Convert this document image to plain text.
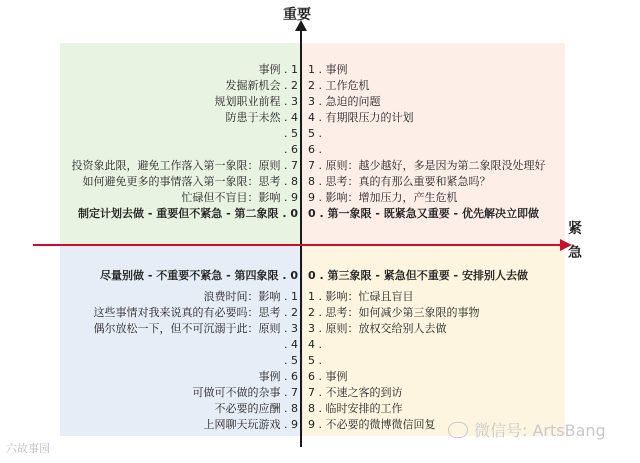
重要
紧急
事例 . 1
发掘新机会 . 2
规划职业前程 . 3
防患于未然 . 4
. 5
. 6
投资象此限，避免工作落入第一象限：原则 . 7
如何避免更多的事情落入第一象限：思考 . 8
忙碌但不盲目：影响 . 9
制定计划去做 - 重要但不紧急 - 第二象限 . 0
1 . 事例
2 . 工作危机
3 . 急迫的问题
4 . 有期限压力的计划
5 .
6 .
7 . 原则：越少越好，多是因为第二象限没处理好
8 . 思考：真的有那么重要和紧急吗？
9 . 影响：增加压力，产生危机
0 . 第一象限 - 既紧急又重要 - 优先解决立即做
尽量别做 - 不重要不紧急 - 第四象限 . 0
浪费时间：影响 . 1
这些事情对我来说真的有必要吗：思考 . 2
偶尔放松一下，但不可沉溺于此：原则 . 3
. 4
. 5
事例 . 6
可做可不做的杂事 . 7
不必要的应酬 . 8
上网聊天玩游戏 . 9
0 . 第三象限 - 紧急但不重要 - 安排别人去做
1 . 影响：忙碌且盲目
2 . 思考：如何减少第三象限的事物
3 . 原则：放权交给别人去做
4 .
5 .
6 . 事例
7 . 不速之客的到访
8 . 临时安排的工作
9 . 不必要的微博微信回复
六故事园
微信号: ArtsBang
